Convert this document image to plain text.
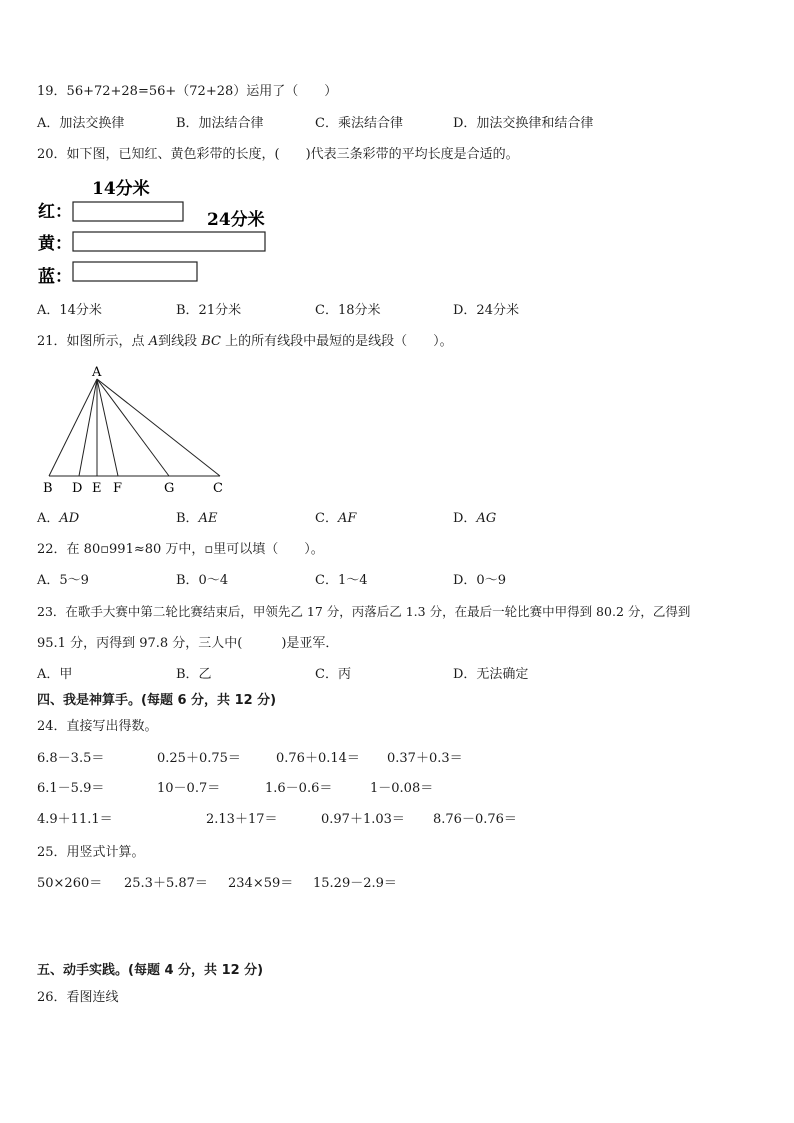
19．56+72+28=56+（72+28）运用了（　　）
A．加法交换律	B．加法结合律	C．乘法结合律	D．加法交换律和结合律
20．如下图，已知红、黄色彩带的长度，(　　)代表三条彩带的平均长度是合适的。
14分米
红：	24分米
黄：
蓝：
A．14分米	B．21分米	C．18分米	D．24分米
21．如图所示，点 A到线段 BC 上的所有线段中最短的是线段（　　）。
A
B D E F	G	C
A．AD	B．AE	C．AF	D．AG
22．在 80▫991≈80 万中，▫里可以填（　　）。
A．5～9	B．0～4	C．1～4	D．0～9
23．在歌手大赛中第二轮比赛结束后，甲领先乙 17 分，丙落后乙 1.3 分，在最后一轮比赛中甲得到 80.2 分，乙得到
95.1 分，丙得到 97.8 分，三人中(　　　)是亚军．
A．甲	B．乙	C．丙	D．无法确定
四、我是神算手。(每题 6 分，共 12 分)
24．直接写出得数。
6.8－3.5＝	0.25＋0.75＝	0.76＋0.14＝ 0.37＋0.3＝
6.1－5.9＝	10－0.7＝	1.6－0.6＝	1－0.08＝
4.9＋11.1＝	2.13＋17＝	0.97＋1.03＝ 8.76－0.76＝
25．用竖式计算。
50×260＝ 25.3＋5.87＝ 234×59＝ 15.29－2.9＝
五、动手实践。(每题 4 分，共 12 分)
26．看图连线
